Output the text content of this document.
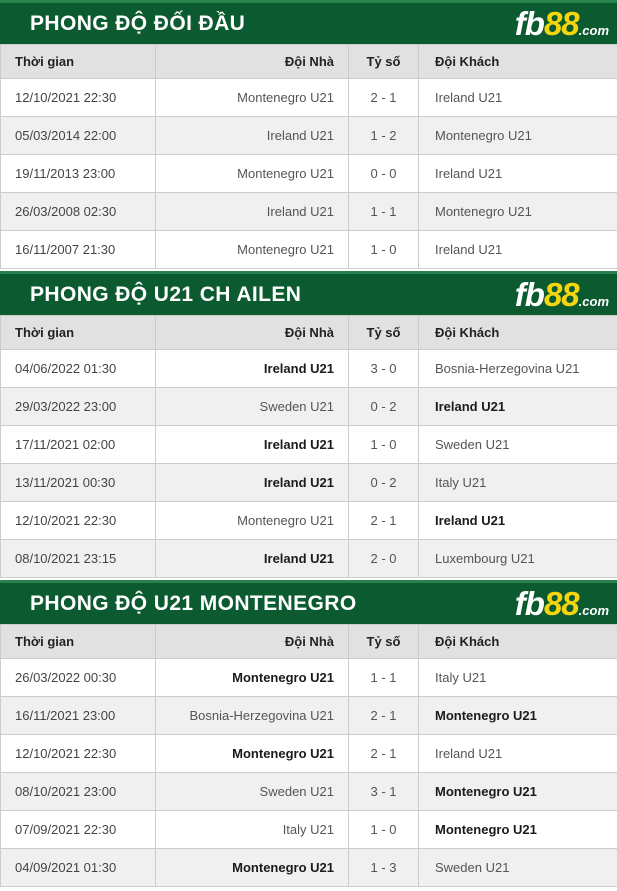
PHONG ĐỘ ĐỐI ĐẦU	fb88.com
Thời gian	Đội Nhà	Tỷ số	Đội Khách
12/10/2021 22:30	Montenegro U21	2 - 1	Ireland U21
05/03/2014 22:00	Ireland U21	1 - 2	Montenegro U21
19/11/2013 23:00	Montenegro U21	0 - 0	Ireland U21
26/03/2008 02:30	Ireland U21	1 - 1	Montenegro U21
16/11/2007 21:30	Montenegro U21	1 - 0	Ireland U21
PHONG ĐỘ U21 CH AILEN	fb88.com
Thời gian	Đội Nhà	Tỷ số	Đội Khách
04/06/2022 01:30	Ireland U21	3 - 0	Bosnia-Herzegovina U21
29/03/2022 23:00	Sweden U21	0 - 2	Ireland U21
17/11/2021 02:00	Ireland U21	1 - 0	Sweden U21
13/11/2021 00:30	Ireland U21	0 - 2	Italy U21
12/10/2021 22:30	Montenegro U21	2 - 1	Ireland U21
08/10/2021 23:15	Ireland U21	2 - 0	Luxembourg U21
PHONG ĐỘ U21 MONTENEGRO	fb88.com
Thời gian	Đội Nhà	Tỷ số	Đội Khách
26/03/2022 00:30	Montenegro U21	1 - 1	Italy U21
16/11/2021 23:00	Bosnia-Herzegovina U21	2 - 1	Montenegro U21
12/10/2021 22:30	Montenegro U21	2 - 1	Ireland U21
08/10/2021 23:00	Sweden U21	3 - 1	Montenegro U21
07/09/2021 22:30	Italy U21	1 - 0	Montenegro U21
04/09/2021 01:30	Montenegro U21	1 - 3	Sweden U21
